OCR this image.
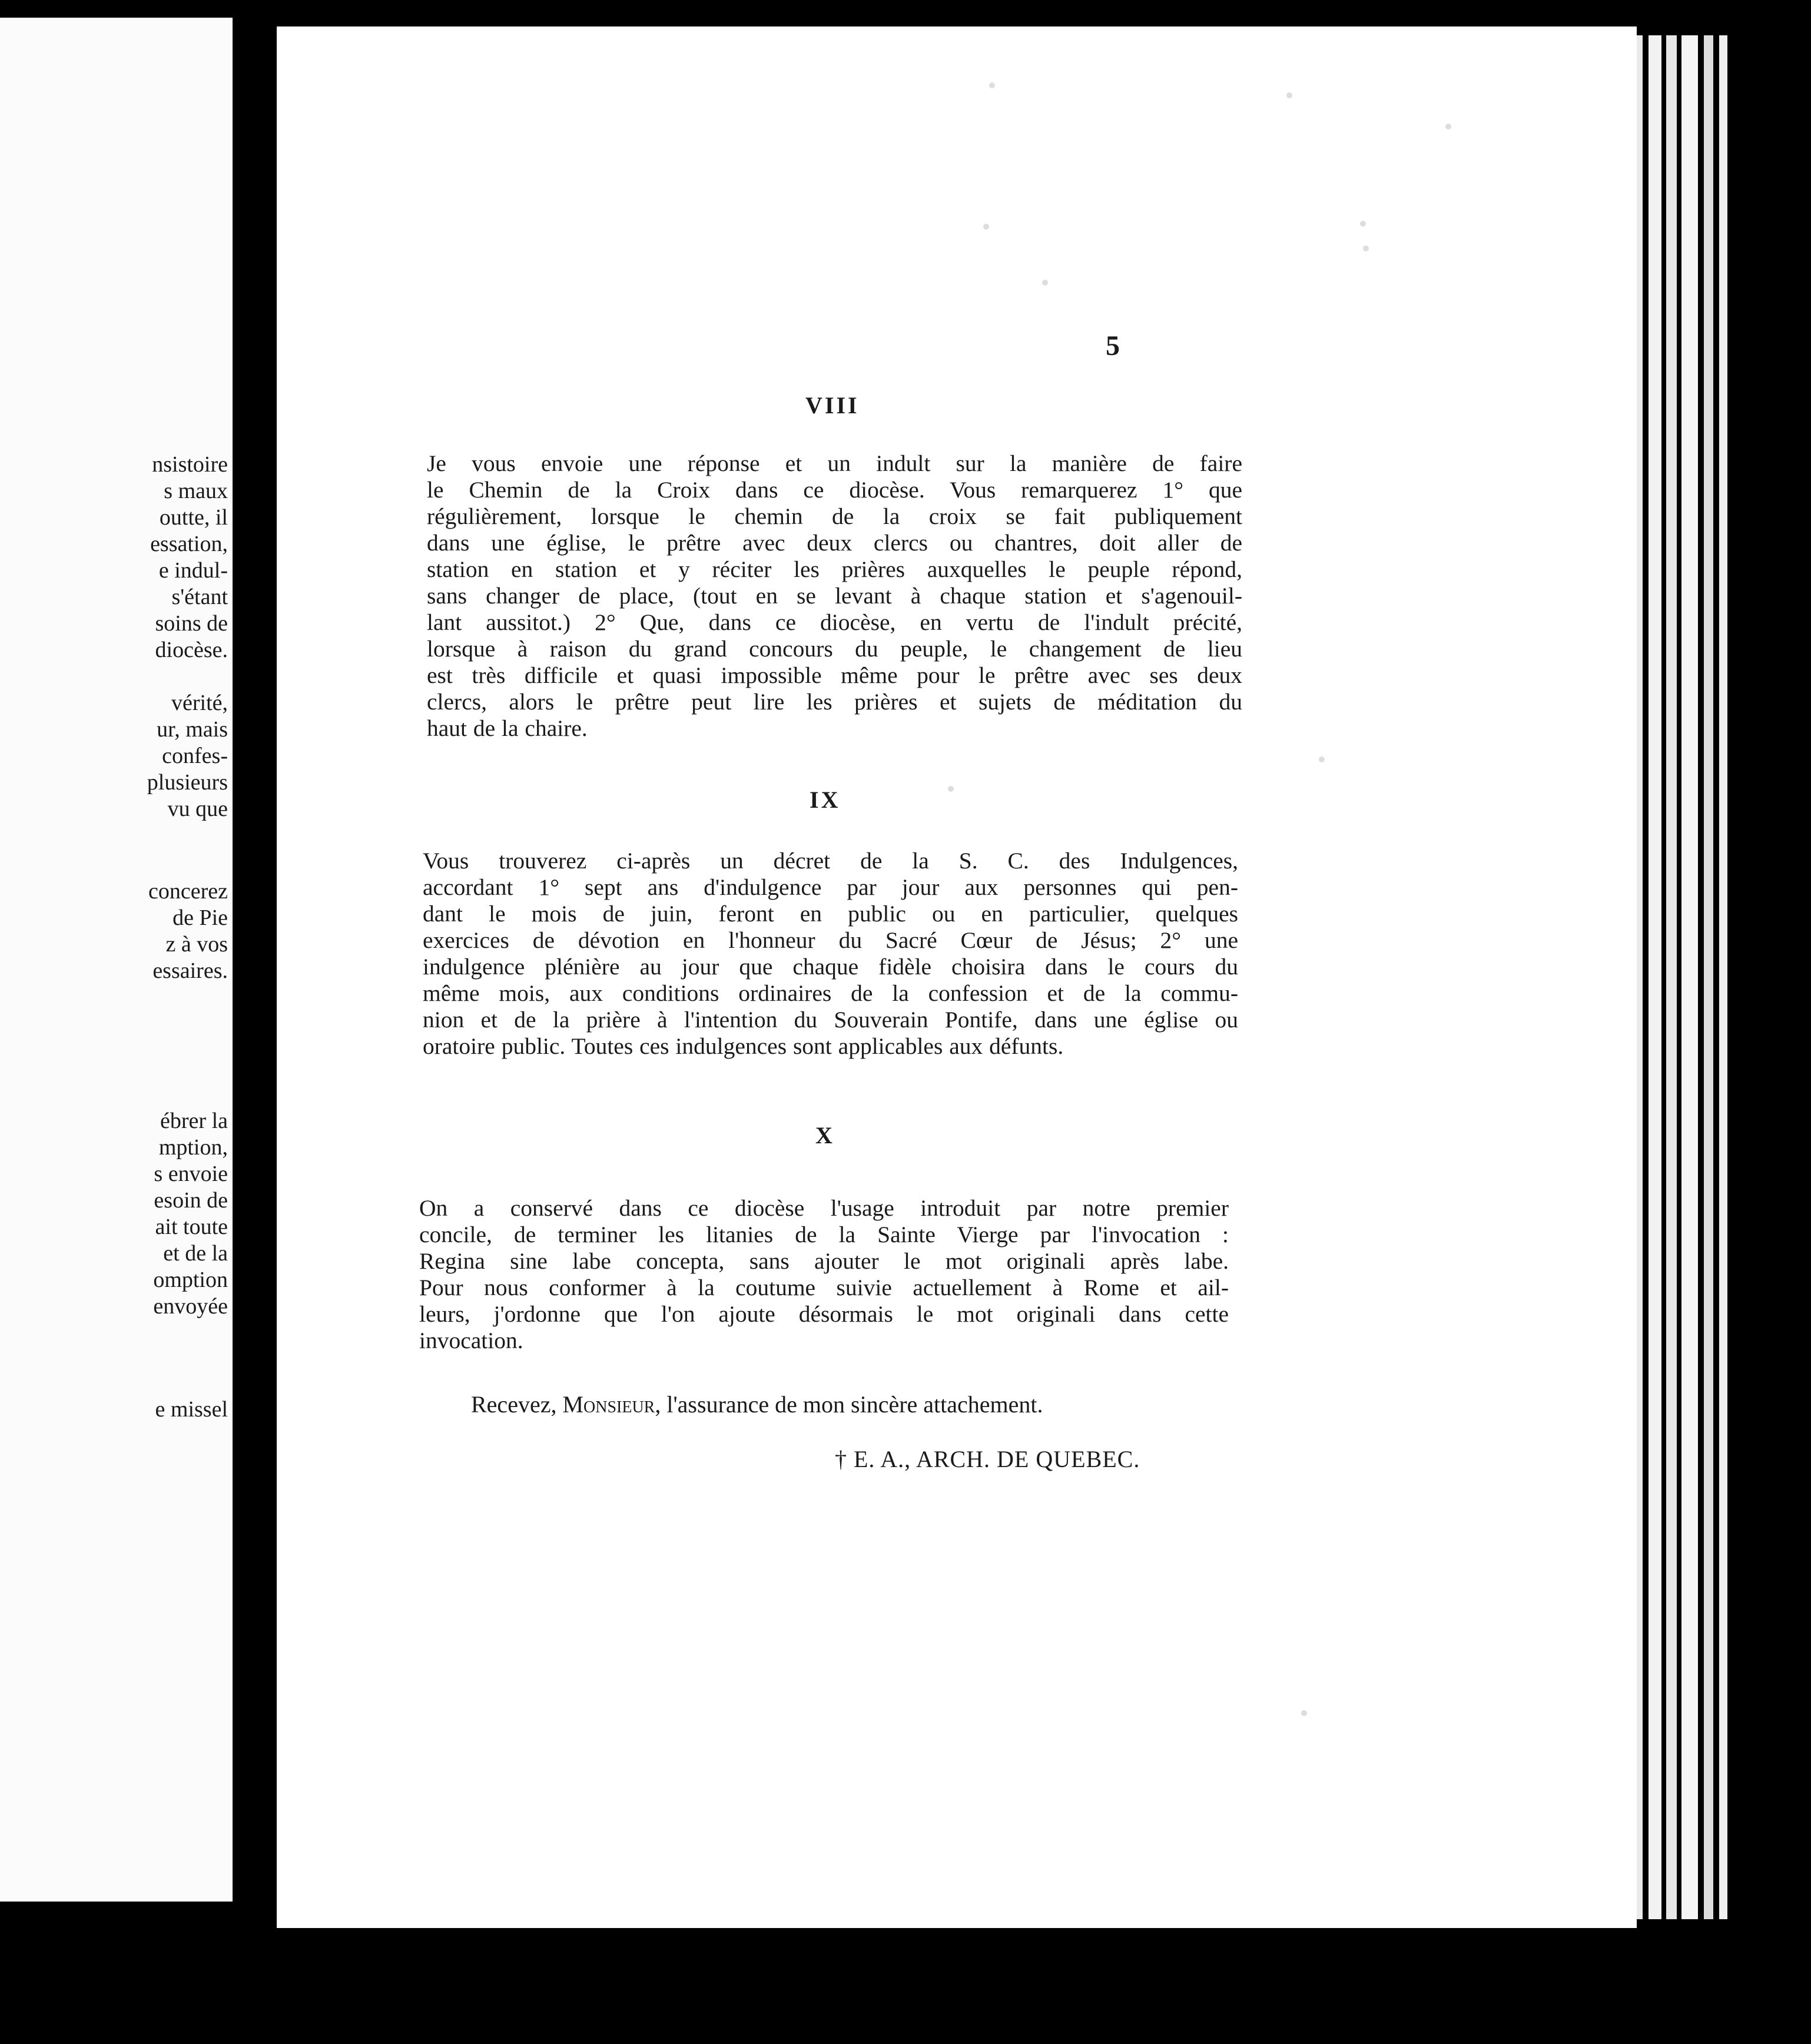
nsistoire
s maux
outte, il
essation,
e indul-
s'étant
soins de
diocèse.
vérité,
ur, mais
confes-
plusieurs
vu que
concerez
de Pie
z à vos
essaires.
ébrer la
mption,
s envoie
esoin de
ait toute
et de la
omption
envoyée
e missel
5
VIII
Je vous envoie une réponse et un indult sur la manière de faire
le Chemin de la Croix dans ce diocèse. Vous remarquerez 1° que
régulièrement, lorsque le chemin de la croix se fait publiquement
dans une église, le prêtre avec deux clercs ou chantres, doit aller de
station en station et y réciter les prières auxquelles le peuple répond,
sans changer de place, (tout en se levant à chaque station et s'agenouil-
lant aussitot.) 2° Que, dans ce diocèse, en vertu de l'indult précité,
lorsque à raison du grand concours du peuple, le changement de lieu
est très difficile et quasi impossible même pour le prêtre avec ses deux
clercs, alors le prêtre peut lire les prières et sujets de méditation du
haut de la chaire.
IX
Vous trouverez ci-après un décret de la S. C. des Indulgences,
accordant 1° sept ans d'indulgence par jour aux personnes qui pen-
dant le mois de juin, feront en public ou en particulier, quelques
exercices de dévotion en l'honneur du Sacré Cœur de Jésus; 2° une
indulgence plénière au jour que chaque fidèle choisira dans le cours du
même mois, aux conditions ordinaires de la confession et de la commu-
nion et de la prière à l'intention du Souverain Pontife, dans une église ou
oratoire public. Toutes ces indulgences sont applicables aux défunts.
X
On a conservé dans ce diocèse l'usage introduit par notre premier
concile, de terminer les litanies de la Sainte Vierge par l'invocation :
Regina sine labe concepta, sans ajouter le mot originali après labe.
Pour nous conformer à la coutume suivie actuellement à Rome et ail-
leurs, j'ordonne que l'on ajoute désormais le mot originali dans cette
invocation.
Recevez, Monsieur, l'assurance de mon sincère attachement.
† E. A., ARCH. DE QUEBEC.
